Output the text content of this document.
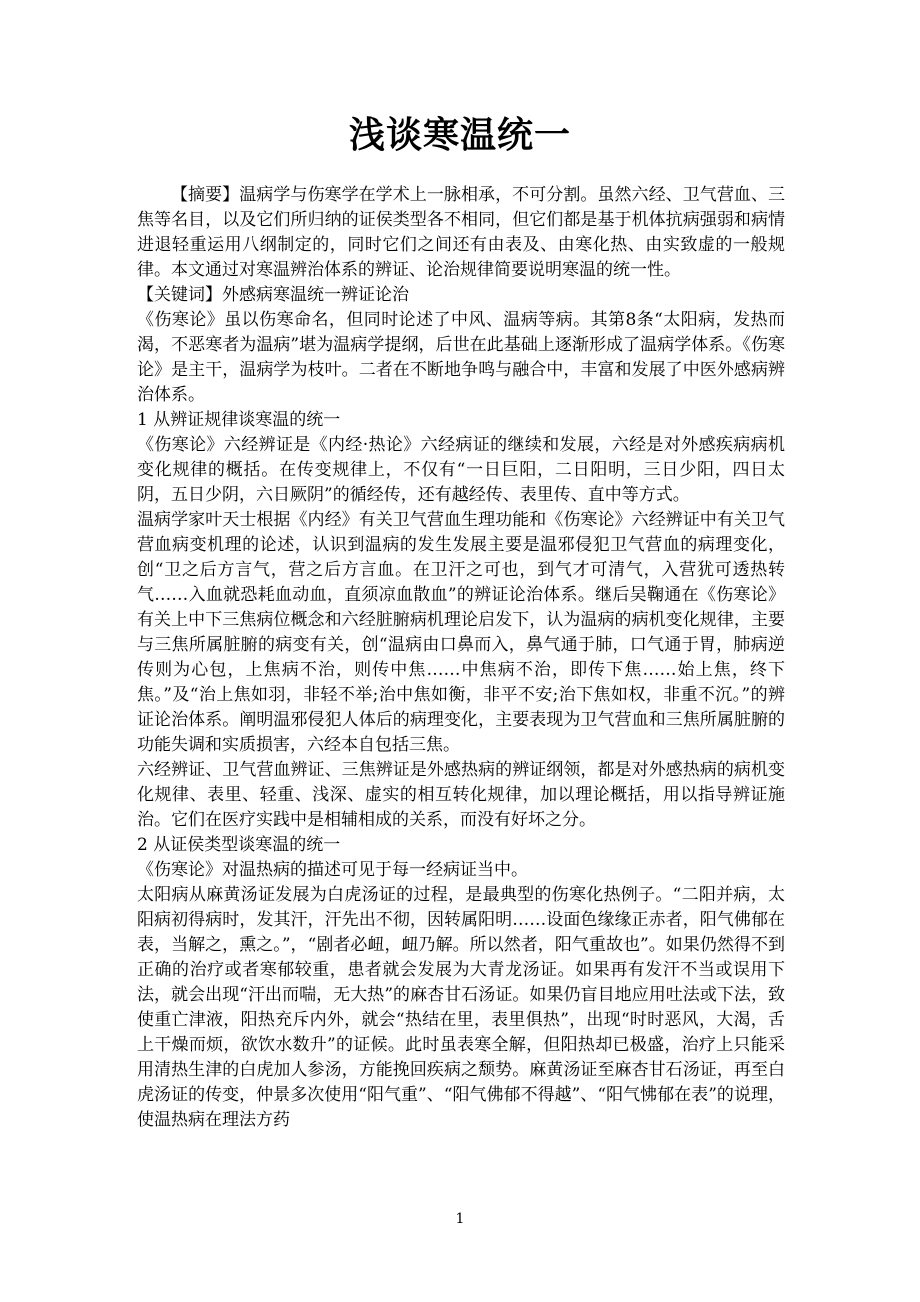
浅谈寒温统一

【摘要】温病学与伤寒学在学术上一脉相承，不可分割。虽然六经、卫气营血、三焦等名目，以及它们所归纳的证侯类型各不相同，但它们都是基于机体抗病强弱和病情进退轻重运用八纲制定的，同时它们之间还有由表及、由寒化热、由实致虚的一般规律。本文通过对寒温辨治体系的辨证、论治规律简要说明寒温的统一性。

【关键词】外感病寒温统一辨证论治

《伤寒论》虽以伤寒命名，但同时论述了中风、温病等病。其第8条“太阳病，发热而渴，不恶寒者为温病”堪为温病学提纲，后世在此基础上逐渐形成了温病学体系。《伤寒论》是主干，温病学为枝叶。二者在不断地争鸣与融合中，丰富和发展了中医外感病辨治体系。

1 从辨证规律谈寒温的统一

《伤寒论》六经辨证是《内经·热论》六经病证的继续和发展，六经是对外感疾病病机变化规律的概括。在传变规律上，不仅有“一日巨阳，二日阳明，三日少阳，四日太阴，五日少阴，六日厥阴”的循经传，还有越经传、表里传、直中等方式。

温病学家叶天士根据《内经》有关卫气营血生理功能和《伤寒论》六经辨证中有关卫气营血病变机理的论述，认识到温病的发生发展主要是温邪侵犯卫气营血的病理变化，创“卫之后方言气，营之后方言血。在卫汗之可也，到气才可清气，入营犹可透热转气……入血就恐耗血动血，直须凉血散血”的辨证论治体系。继后吴鞠通在《伤寒论》有关上中下三焦病位概念和六经脏腑病机理论启发下，认为温病的病机变化规律，主要与三焦所属脏腑的病变有关，创“温病由口鼻而入，鼻气通于肺，口气通于胃，肺病逆传则为心包，上焦病不治，则传中焦……中焦病不治，即传下焦……始上焦，终下焦。”及“治上焦如羽，非轻不举;治中焦如衡，非平不安;治下焦如权，非重不沉。”的辨证论治体系。阐明温邪侵犯人体后的病理变化，主要表现为卫气营血和三焦所属脏腑的功能失调和实质损害，六经本自包括三焦。

六经辨证、卫气营血辨证、三焦辨证是外感热病的辨证纲领，都是对外感热病的病机变化规律、表里、轻重、浅深、虚实的相互转化规律，加以理论概括，用以指导辨证施治。它们在医疗实践中是相辅相成的关系，而没有好坏之分。

2 从证侯类型谈寒温的统一

《伤寒论》对温热病的描述可见于每一经病证当中。

太阳病从麻黄汤证发展为白虎汤证的过程，是最典型的伤寒化热例子。“二阳并病，太阳病初得病时，发其汗，汗先出不彻，因转属阳明……设面色缘缘正赤者，阳气佛郁在表，当解之，熏之。”，“剧者必衄，衄乃解。所以然者，阳气重故也”。如果仍然得不到正确的治疗或者寒郁较重，患者就会发展为大青龙汤证。如果再有发汗不当或误用下法，就会出现“汗出而喘，无大热”的麻杏甘石汤证。如果仍盲目地应用吐法或下法，致使重亡津液，阳热充斥内外，就会“热结在里，表里俱热”，出现“时时恶风，大渴，舌上干燥而烦，欲饮水数升”的证候。此时虽表寒全解，但阳热却已极盛，治疗上只能采用清热生津的白虎加人参汤，方能挽回疾病之颓势。麻黄汤证至麻杏甘石汤证，再至白虎汤证的传变，仲景多次使用“阳气重”、“阳气佛郁不得越”、“阳气怫郁在表”的说理，使温热病在理法方药

1
